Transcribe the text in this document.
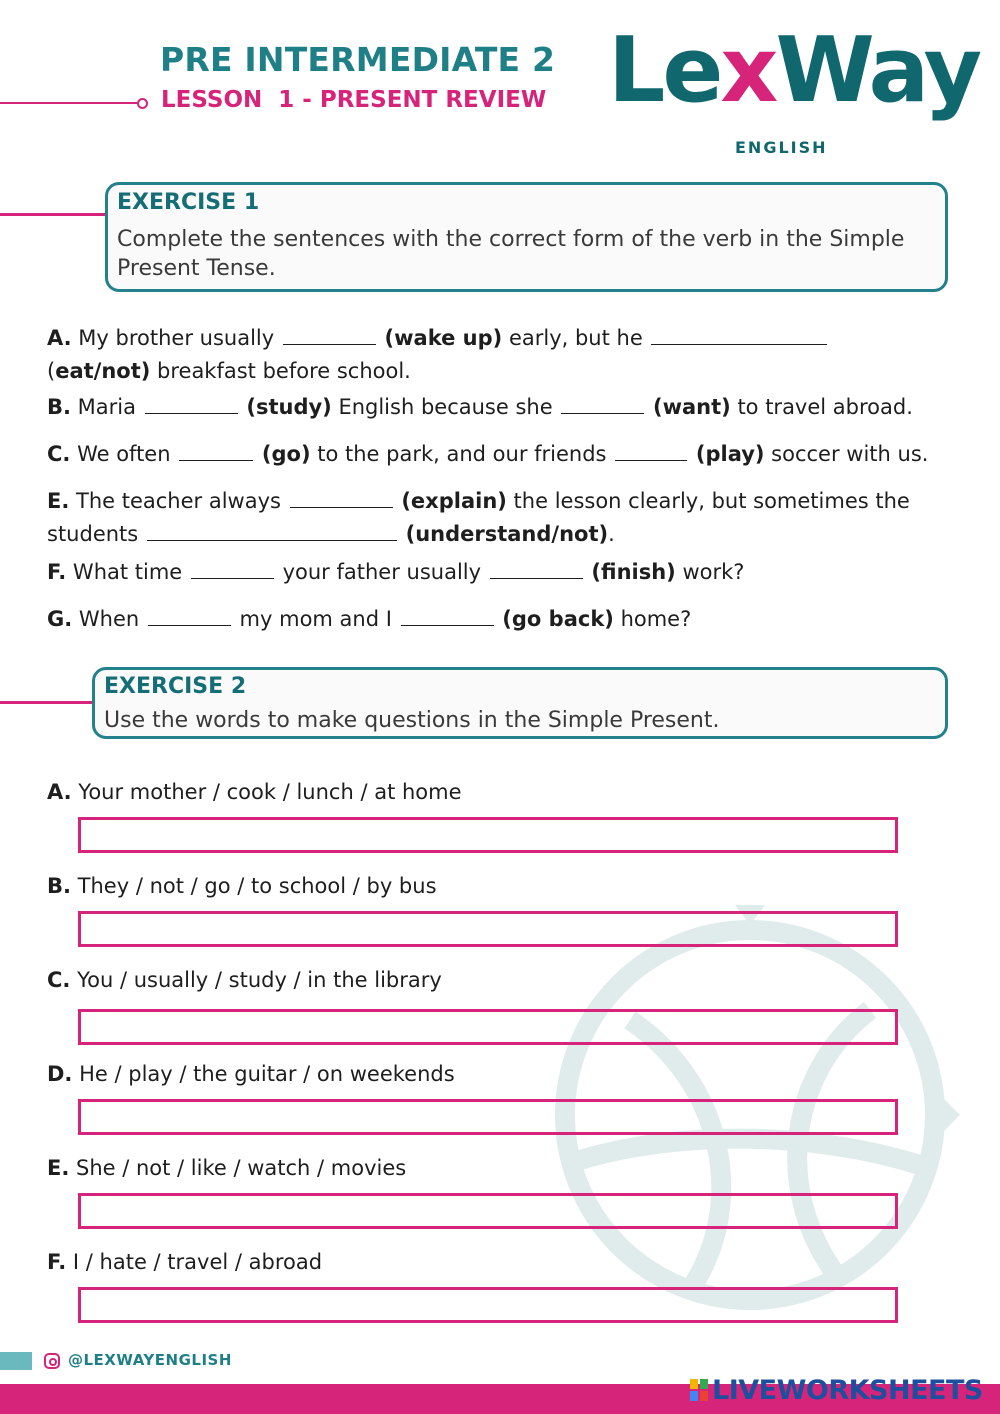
PRE INTERMEDIATE 2
LESSON  1 - PRESENT REVIEW LexWay
ENGLISH
EXERCISE 1
Complete the sentences with the correct form of the verb in the Simple Present Tense.
A. My brother usually	(wake up) early, but he
(eat/not) breakfast before school.
B. Maria	(study) English because she	(want) to travel abroad.
C. We often	(go) to the park, and our friends	(play) soccer with us.
E. The teacher always	(explain) the lesson clearly, but sometimes the students	(understand/not).
F. What time	your father usually	(finish) work?
G. When	my mom and I	(go back) home?
EXERCISE 2
Use the words to make questions in the Simple Present.
A. Your mother / cook / lunch / at home
B. They / not / go / to school / by bus
C. You / usually / study / in the library
D. He / play / the guitar / on weekends
E. She / not / like / watch / movies
F. I / hate / travel / abroad
@LEXWAYENGLISH
LIVEWORKSHEETS
